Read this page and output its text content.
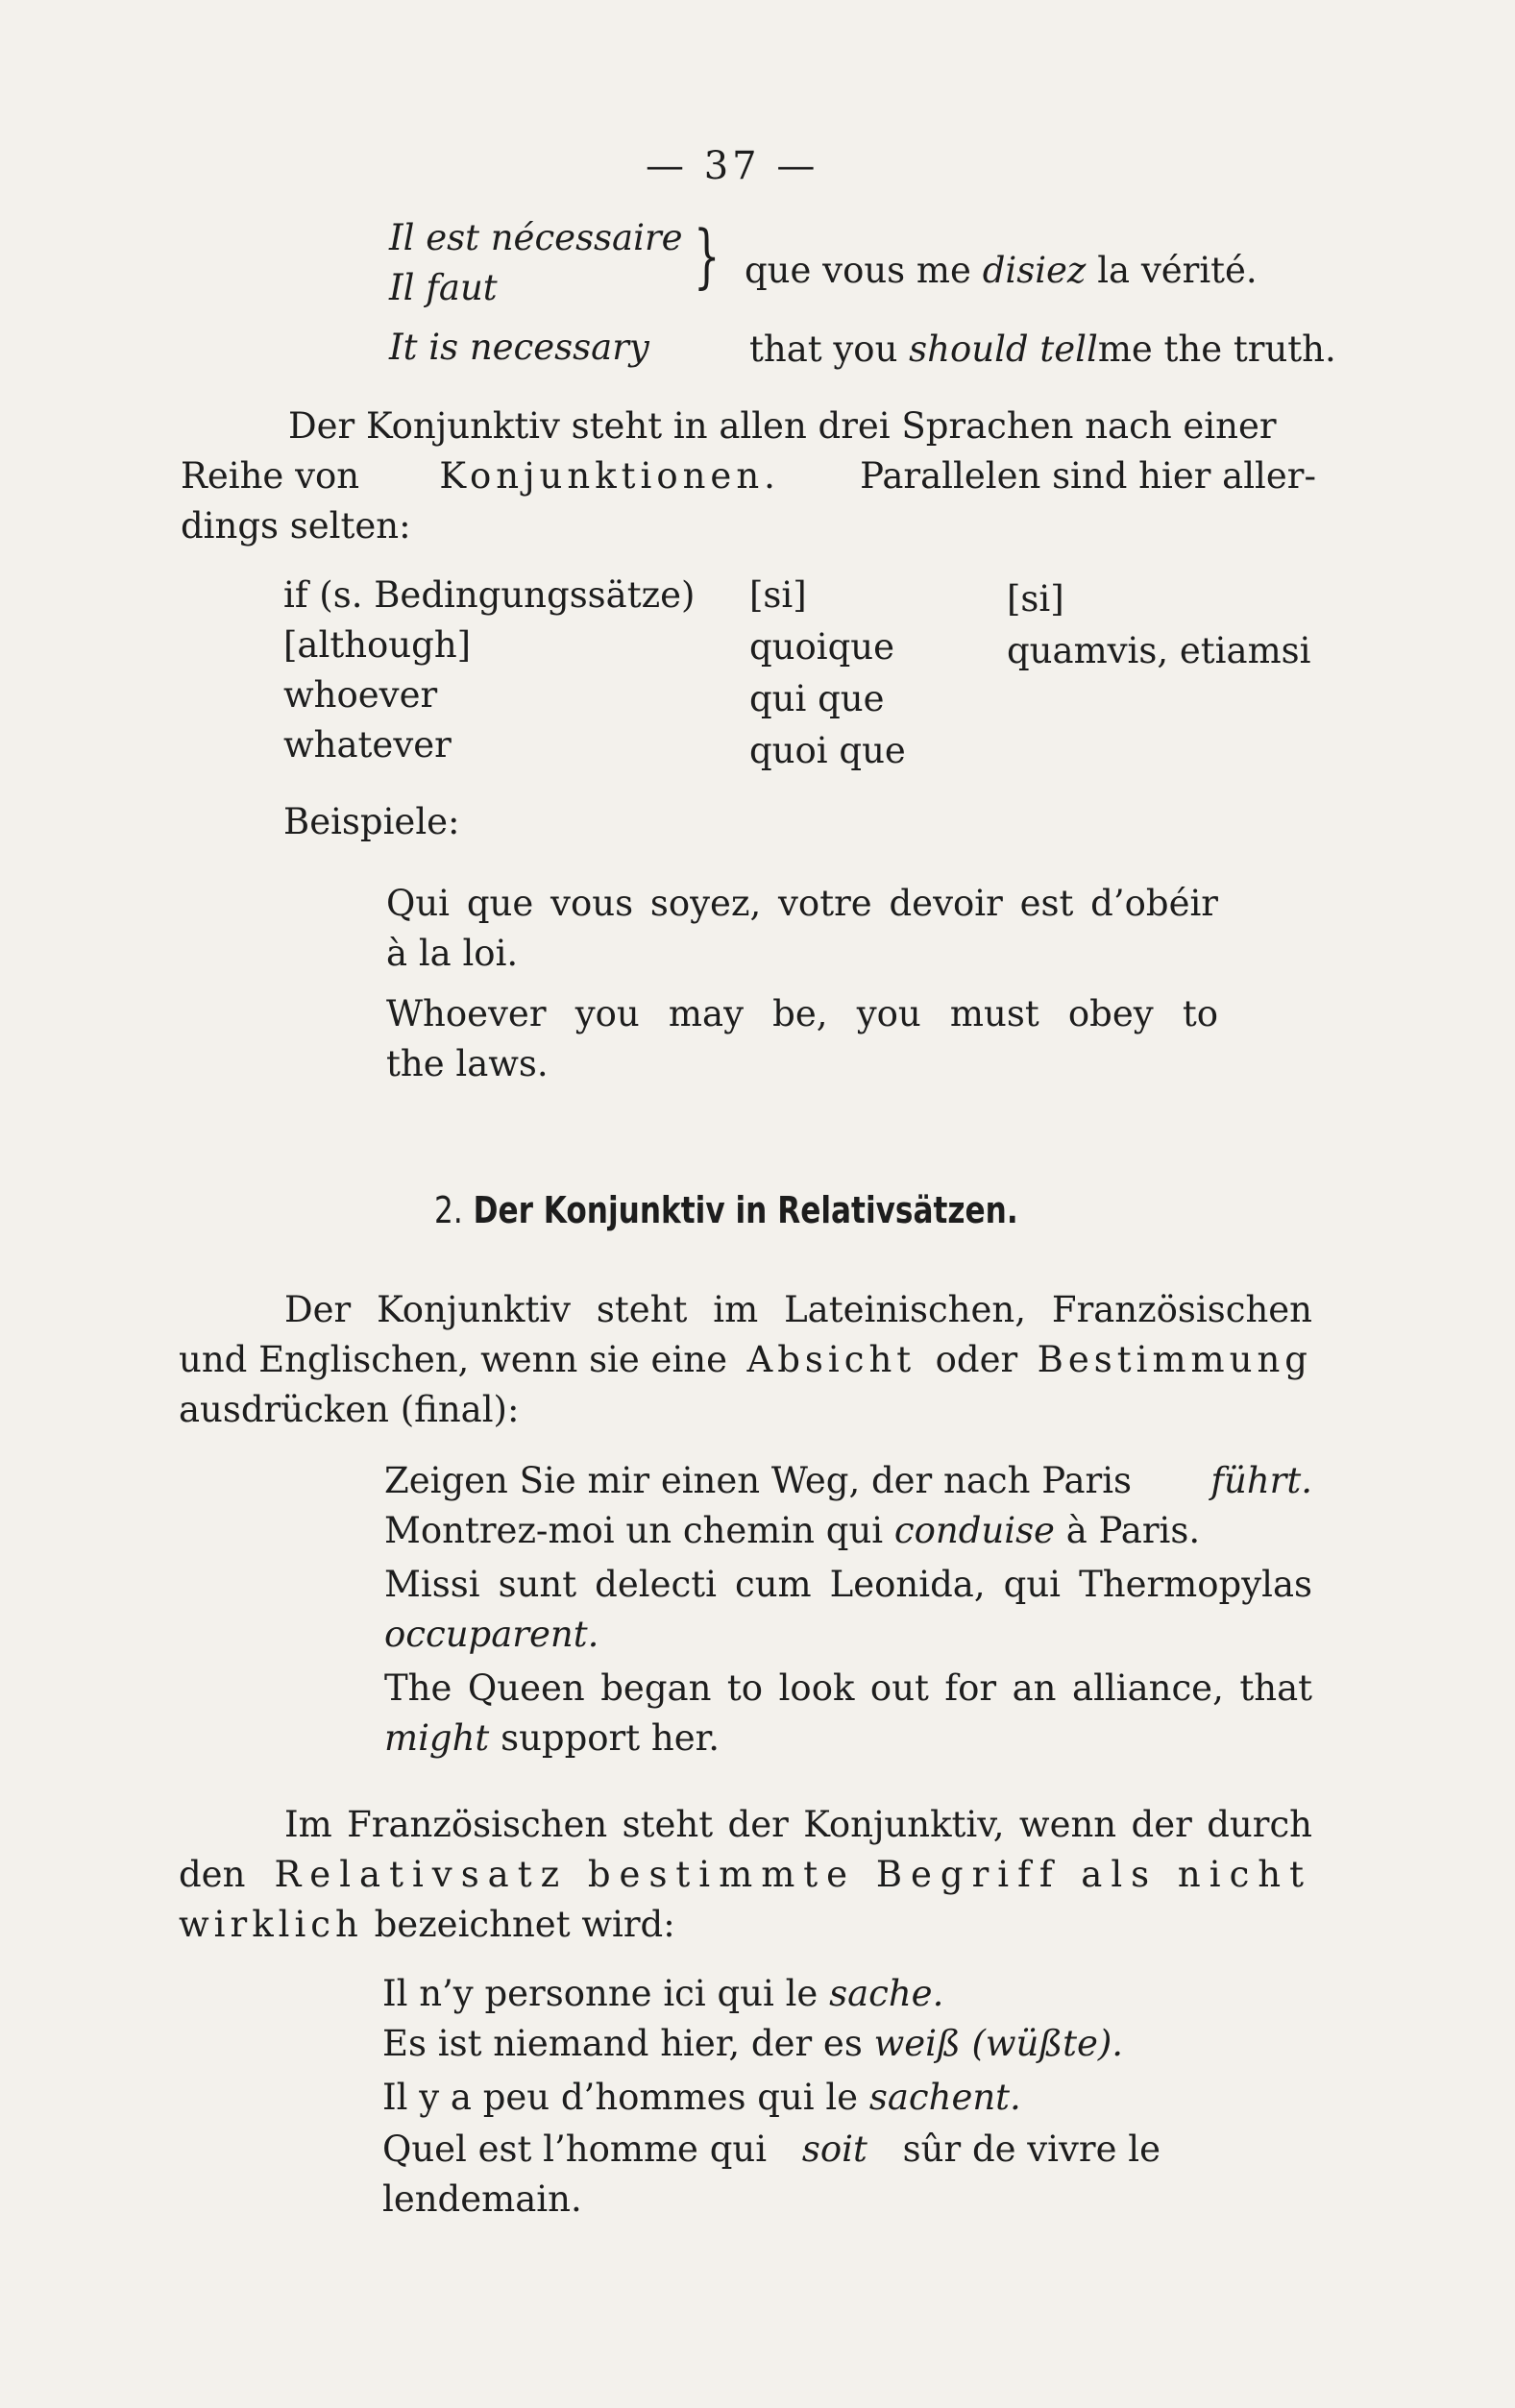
— 37 —
Il est nécessaire
Il faut	} que vous me disiez la vérité.
It is necessary	that you should tellme the truth.
Der Konjunktiv steht in allen drei Sprachen nach einer
Reihe von Konjunktionen. Parallelen sind hier aller-
dings selten:
if (s. Bedingungssätze) [si]	[si]
[although]	quoique	quamvis, etiamsi
whoever	qui que
whatever	quoi que
Beispiele:
Qui que vous soyez, votre devoir est d’obéir
à la loi.
Whoever you may be, you must obey to
the laws.
2. Der Konjunktiv in Relativsätzen.
Der Konjunktiv steht im Lateinischen, Französischen
und Englischen, wenn sie eine Absicht oder Bestimmung
ausdrücken (final):
Zeigen Sie mir einen Weg, der nach Paris führt.
Montrez-moi un chemin qui conduise à Paris.
Missi sunt delecti cum Leonida, qui Thermopylas
occuparent.
The Queen began to look out for an alliance, that
might support her.
Im Französischen steht der Konjunktiv, wenn der durch
den Relativsatz bestimmte Begriff als nicht
wirklich bezeichnet wird:
Il n’y personne ici qui le sache.
Es ist niemand hier, der es weiß (wüßte).
Il y a peu d’hommes qui le sachent.
Quel est l’homme qui soit sûr de vivre le
lendemain.
